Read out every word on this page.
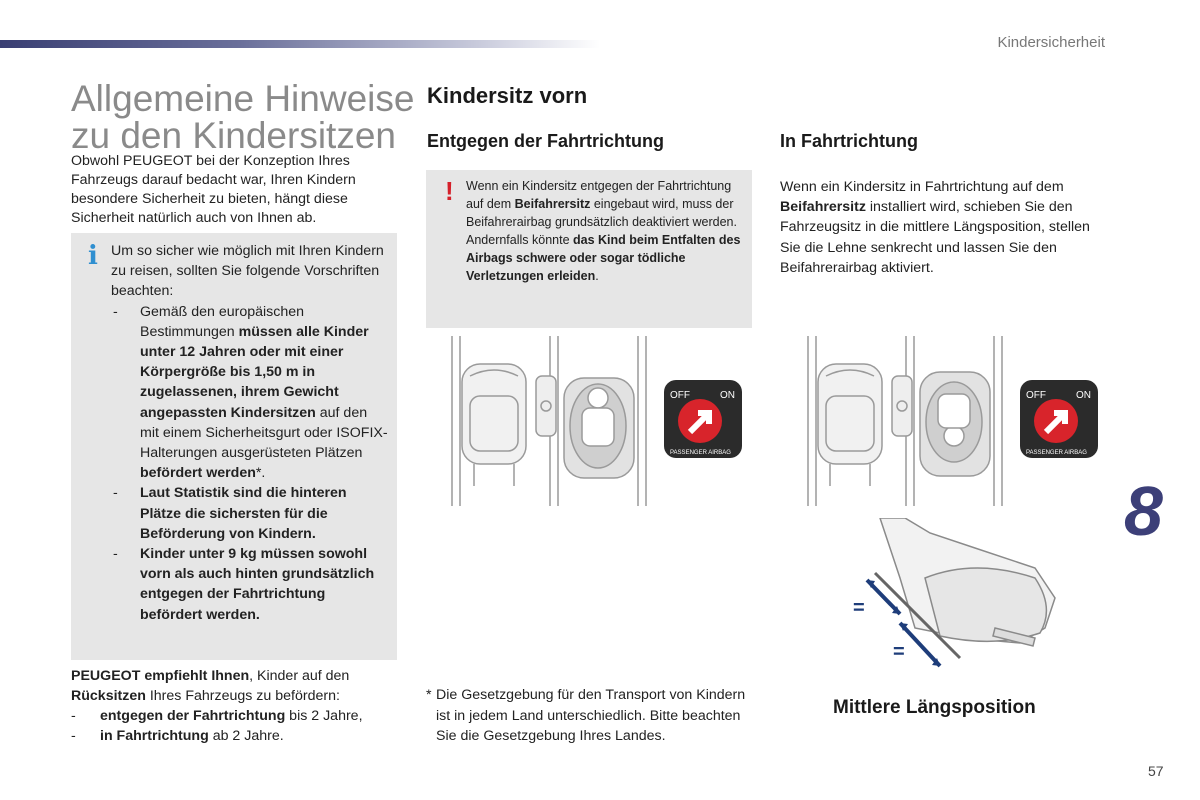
Kindersicherheit
Allgemeine Hinweise
zu den Kindersitzen

Obwohl PEUGEOT bei der Konzeption Ihres Fahrzeugs darauf bedacht war, Ihren Kindern besondere Sicherheit zu bieten, hängt diese Sicherheit natürlich auch von Ihnen ab.

i Um so sicher wie möglich mit Ihren Kindern zu reisen, sollten Sie folgende Vorschriften beachten:
- Gemäß den europäischen Bestimmungen müssen alle Kinder unter 12 Jahren oder mit einer Körpergröße bis 1,50 m in zugelassenen, ihrem Gewicht angepassten Kindersitzen auf den mit einem Sicherheitsgurt oder ISOFIX-Halterungen ausgerüsteten Plätzen befördert werden*.
- Laut Statistik sind die hinteren Plätze die sichersten für die Beförderung von Kindern.
- Kinder unter 9 kg müssen sowohl vorn als auch hinten grundsätzlich entgegen der Fahrtrichtung befördert werden.
PEUGEOT empfiehlt Ihnen, Kinder auf den Rücksitzen Ihres Fahrzeugs zu befördern:
- entgegen der Fahrtrichtung bis 2 Jahre,
- in Fahrtrichtung ab 2 Jahre.
Kindersitz vorn
Entgegen der Fahrtrichtung	In Fahrtrichtung
! Wenn ein Kindersitz entgegen der Fahrtrichtung auf dem Beifahrersitz eingebaut wird, muss der Beifahrerairbag grundsätzlich deaktiviert werden. Andernfalls könnte das Kind beim Entfalten des Airbags schwere oder sogar tödliche Verletzungen erleiden.
Wenn ein Kindersitz in Fahrtrichtung auf dem Beifahrersitz installiert wird, schieben Sie den Fahrzeugsitz in die mittlere Längsposition, stellen Sie die Lehne senkrecht und lassen Sie den Beifahrerairbag aktiviert.
OFF	ON
PASSENGER AIRBAG
OFF	ON
PASSENGER AIRBAG
=
=
* Die Gesetzgebung für den Transport von Kindern ist in jedem Land unterschiedlich. Bitte beachten Sie die Gesetzgebung Ihres Landes.
Mittlere Längsposition
8
57
